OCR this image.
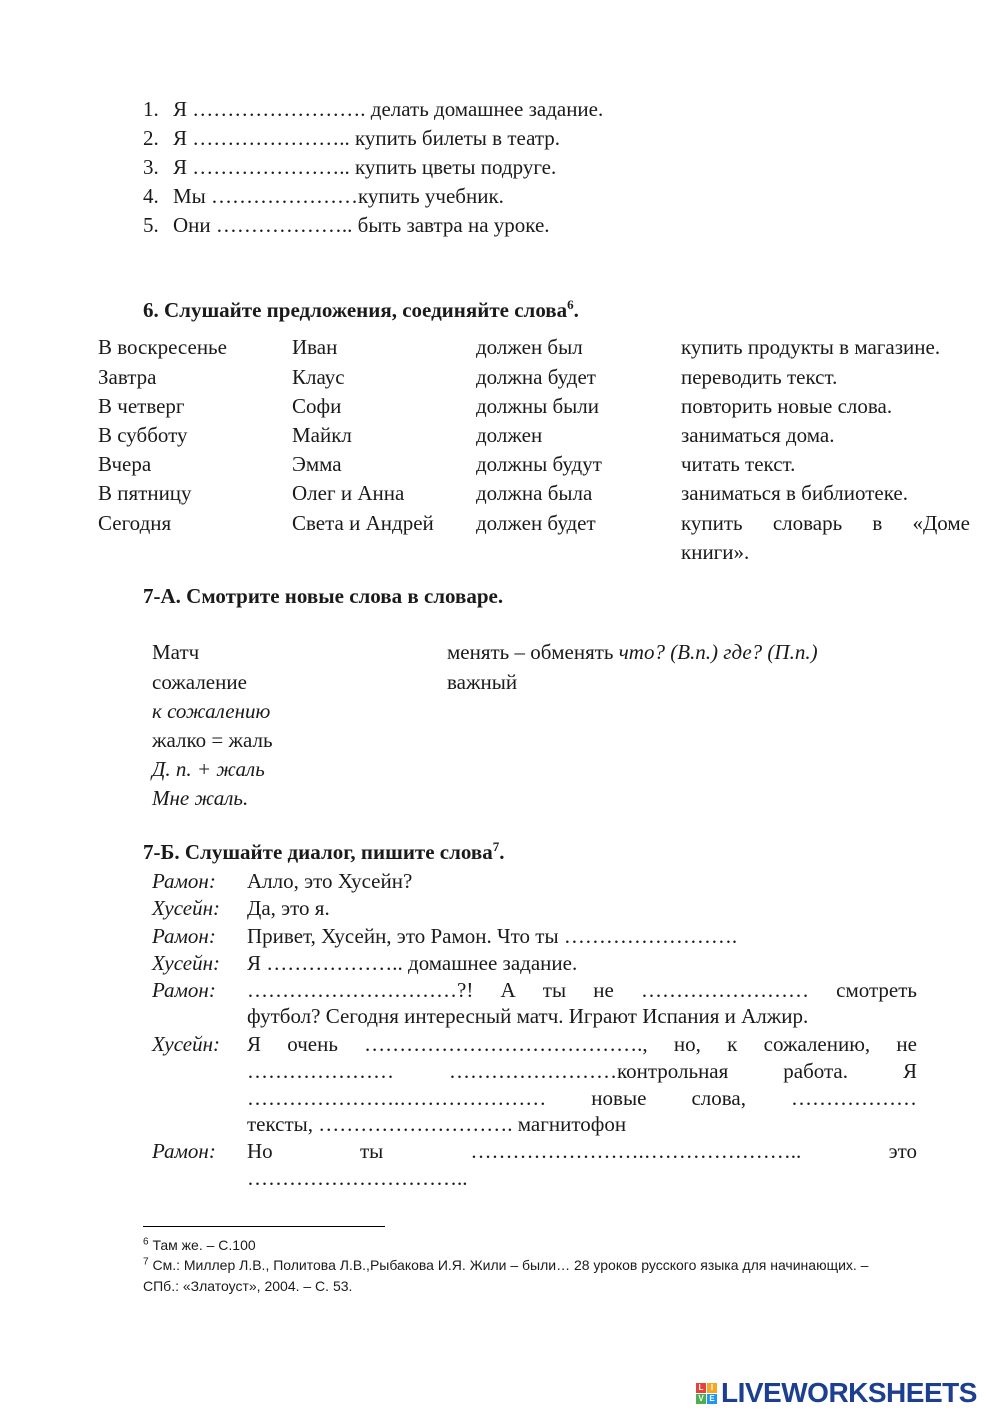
1. Я ……………………. делать домашнее задание.
2. Я ………………….. купить билеты в театр.
3. Я ………………….. купить цветы подруге.
4. Мы …………………купить учебник.
5. Они ……………….. быть завтра на уроке.
6. Слушайте предложения, соединяйте слова$^6$.
В воскресенье
Завтра
В четверг
В субботу
Вчера
В пятницу
Сегодня
Иван
Клаус
Софи
Майкл
Эмма
Олег и Анна
Света и Андрей
должен был
должна будет
должны были
должен
должны будут
должна была
должен будет
купить продукты в магазине.
переводить текст.
повторить новые слова.
заниматься дома.
читать текст.
заниматься в библиотеке.
купить словарь в «Доме
книги».
7-А. Смотрите новые слова в словаре.
Матч
сожаление
к сожалению
жалко = жаль
Д. п. + жаль
Мне жаль.
менять – обменять что? (В.п.) где? (П.п.)
важный
7-Б. Слушайте диалог, пишите слова$^7$.
Рамон: Алло, это Хусейн?
Хусейн: Да, это я.
Рамон: Привет, Хусейн, это Рамон. Что ты …………………….
Хусейн: Я ……………….. домашнее задание.
Рамон: …………………………?! А ты не …………………… смотреть
футбол? Сегодня интересный матч. Играют Испания и Алжир.
Хусейн: Я очень …………………………………., но, к сожалению, не
………………… ……………………контрольная работа. Я
………………….………………… новые слова, ………………
тексты, ………………………. магнитофон
Рамон: Но ты …………………….………………….. это
…………………………..
$^6$ Там же. – С.100
$^7$ См.: Миллер Л.В., Политова Л.В.,Рыбакова И.Я. Жили – были… 28 уроков русского языка для начинающих. –
СПб.: «Златоуст», 2004. – С. 53.
L I
V E LIVEWORKSHEETS
